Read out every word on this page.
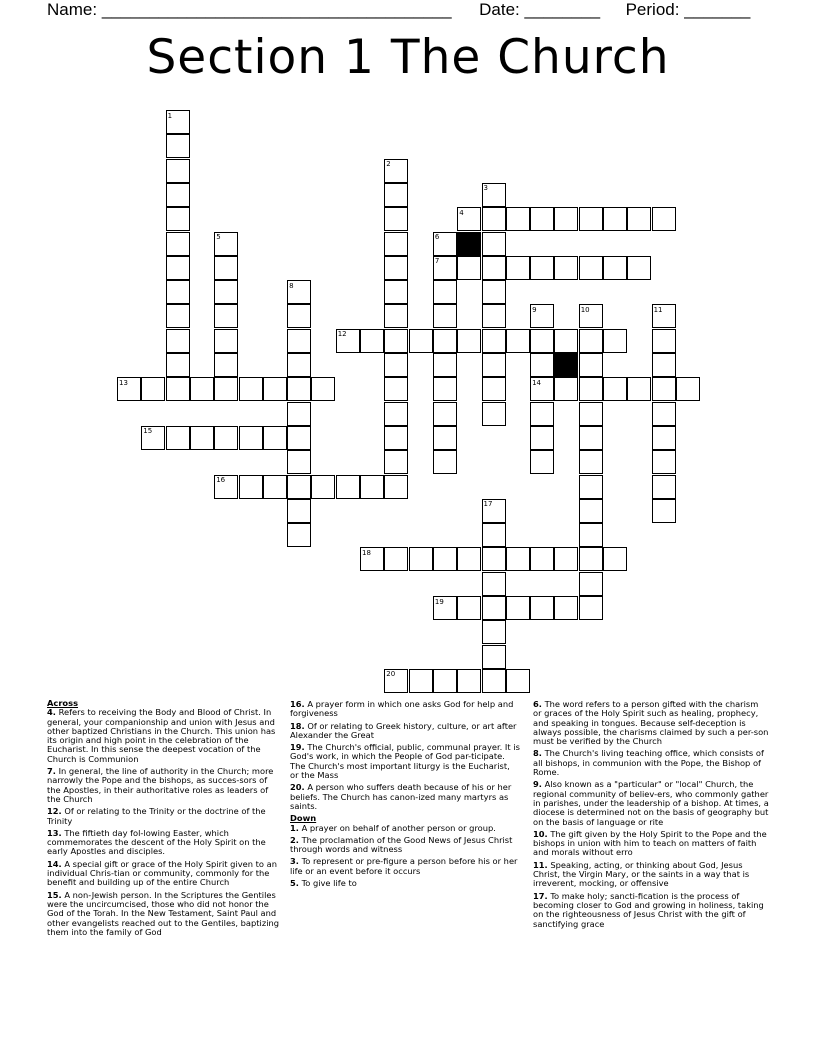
Name: _____________________________________ Date: ________ Period: _______
Section 1 The Church
1
2
3
4
5	6
7
8
9	10	11
12
13	14
15
16
17
18
19
20
Across
4. Refers to receiving the Body and Blood of Christ. In general, your companionship and union with Jesus and other baptized Christians in the Church. This union has its origin and high point in the celebration of the Eucharist. In this sense the deepest vocation of the Church is Communion
7. In general, the line of authority in the Church; more narrowly the Pope and the bishops, as succes-sors of the Apostles, in their authoritative roles as leaders of the Church
12. Of or relating to the Trinity or the doctrine of the Trinity
13. The fiftieth day fol-lowing Easter, which commemorates the descent of the Holy Spirit on the early Apostles and disciples.
14. A special gift or grace of the Holy Spirit given to an individual Chris-tian or community, commonly for the benefit and building up of the entire Church
15. A non-Jewish person. In the Scriptures the Gentiles were the uncircumcised, those who did not honor the God of the Torah. In the New Testament, Saint Paul and other evangelists reached out to the Gentiles, baptizing them into the family of God
16. A prayer form in which one asks God for help and forgiveness
18. Of or relating to Greek history, culture, or art after Alexander the Great
19. The Church's official, public, communal prayer. It is God's work, in which the People of God par-ticipate. The Church's most important liturgy is the Eucharist, or the Mass
20. A person who suffers death because of his or her beliefs. The Church has canon-ized many martyrs as saints.
Down
1. A prayer on behalf of another person or group.
2. The proclamation of the Good News of Jesus Christ through words and witness
3. To represent or pre-figure a person before his or her life or an event before it occurs
5. To give life to
6. The word refers to a person gifted with the charism or graces of the Holy Spirit such as healing, prophecy, and speaking in tongues. Because self-deception is always possible, the charisms claimed by such a per-son must be verified by the Church
8. The Church's living teaching office, which consists of all bishops, in communion with the Pope, the Bishop of Rome.
9. Also known as a "particular" or "local" Church, the regional community of believ-ers, who commonly gather in parishes, under the leadership of a bishop. At times, a diocese is determined not on the basis of geography but on the basis of language or rite
10. The gift given by the Holy Spirit to the Pope and the bishops in union with him to teach on matters of faith and morals without erro
11. Speaking, acting, or thinking about God, Jesus Christ, the Virgin Mary, or the saints in a way that is irreverent, mocking, or offensive
17. To make holy; sancti-fication is the process of becoming closer to God and growing in holiness, taking on the righteousness of Jesus Christ with the gift of sanctifying grace
